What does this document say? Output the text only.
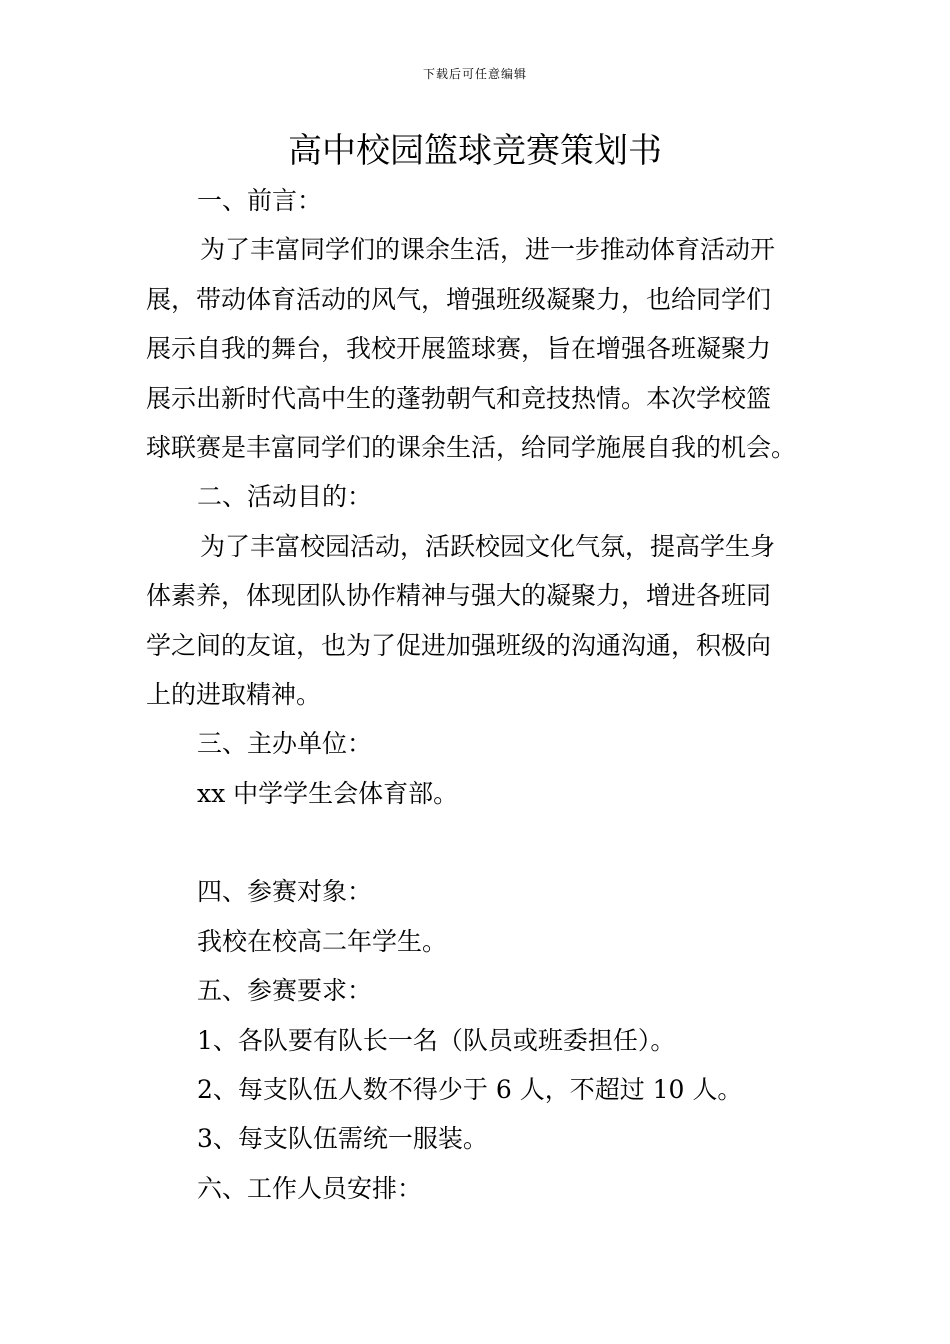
下载后可任意编辑
高中校园篮球竞赛策划书
一、前言：
为了丰富同学们的课余生活，进一步推动体育活动开
展，带动体育活动的风气，增强班级凝聚力，也给同学们
展示自我的舞台，我校开展篮球赛，旨在增强各班凝聚力
展示出新时代高中生的蓬勃朝气和竞技热情。本次学校篮
球联赛是丰富同学们的课余生活，给同学施展自我的机会。
二、活动目的：
为了丰富校园活动，活跃校园文化气氛，提高学生身
体素养，体现团队协作精神与强大的凝聚力，增进各班同
学之间的友谊，也为了促进加强班级的沟通沟通，积极向
上的进取精神。
三、主办单位：
xx 中学学生会体育部。
四、参赛对象：
我校在校高二年学生。
五、参赛要求：
1、各队要有队长一名（队员或班委担任）。
2、每支队伍人数不得少于 6 人，不超过 10 人。
3、每支队伍需统一服装。
六、工作人员安排：
